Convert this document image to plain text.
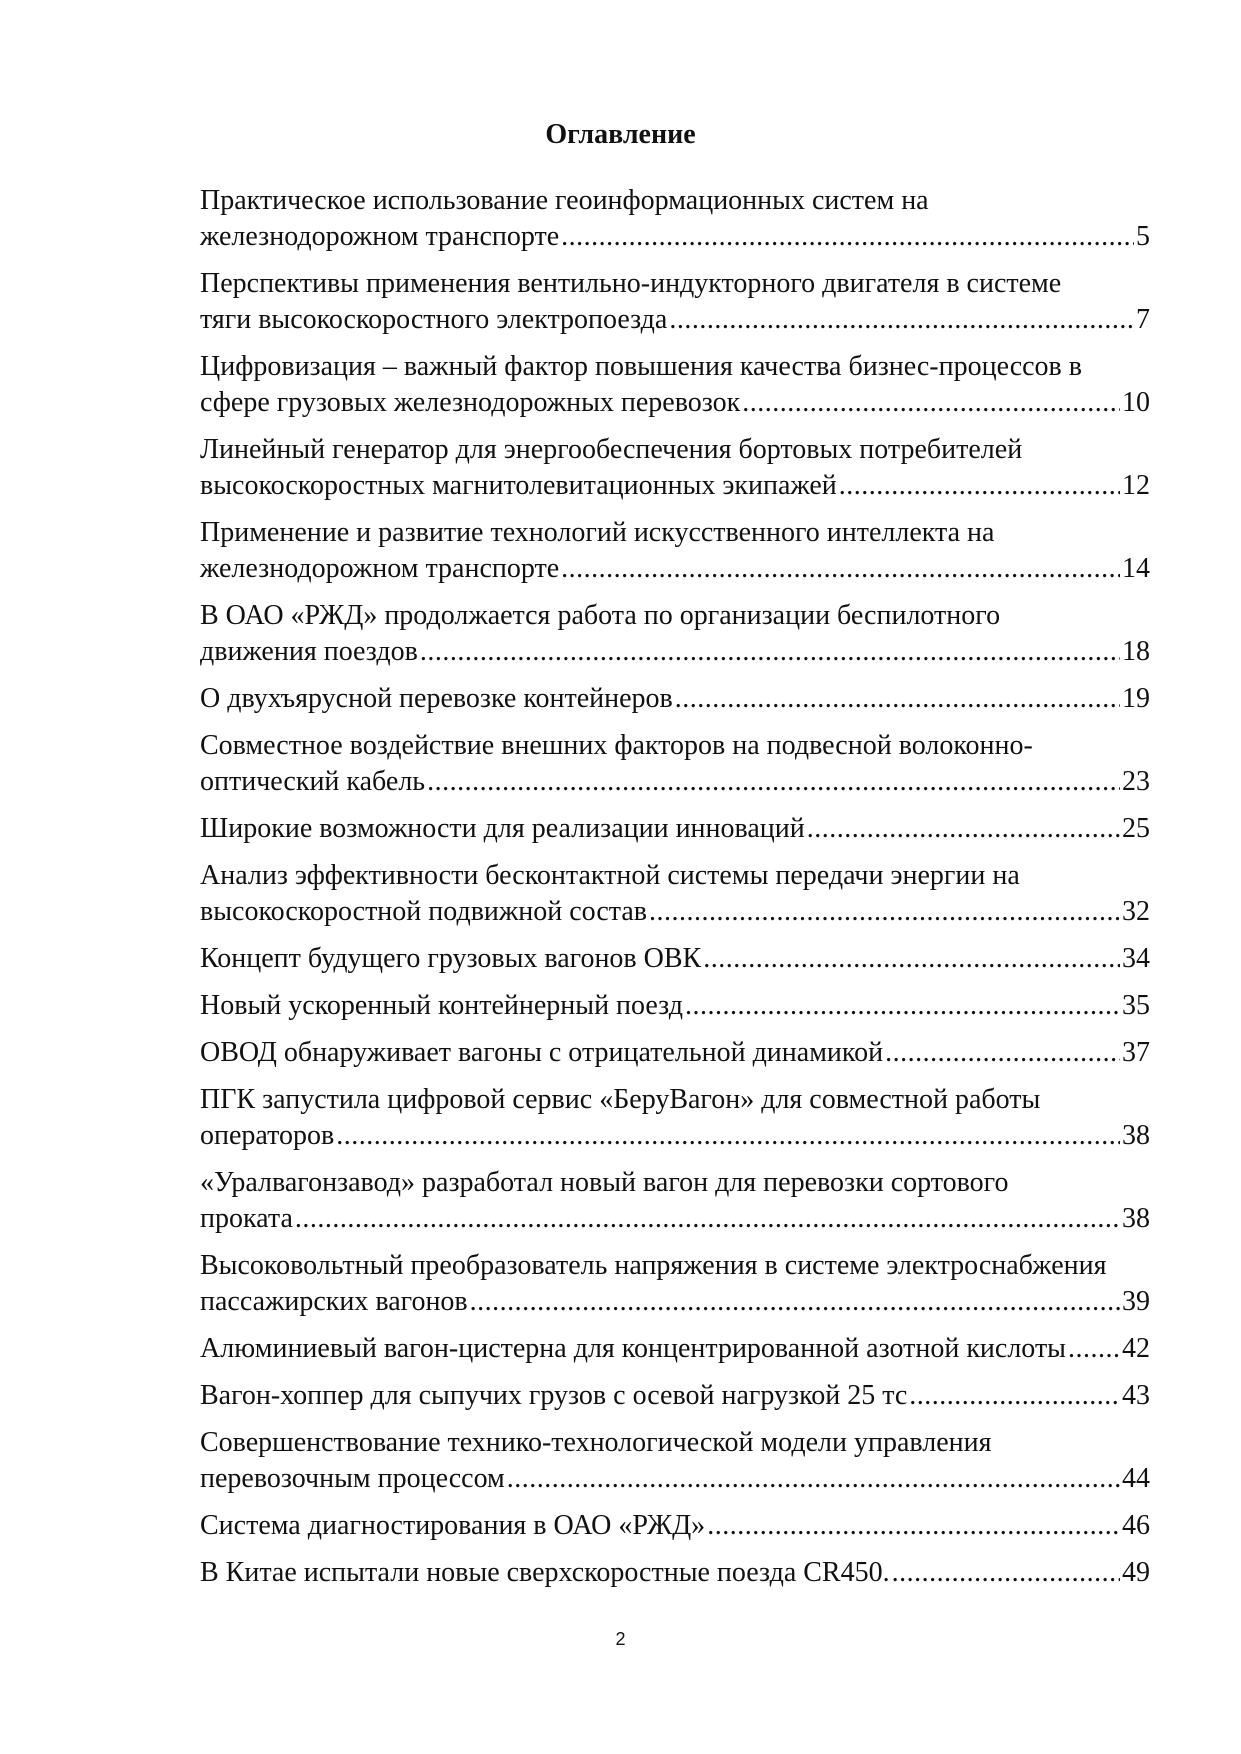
Оглавление
Практическое использование геоинформационных систем на
железнодорожном транспорте .....	5
Перспективы применения вентильно-индукторного двигателя в системе
тяги высокоскоростного электропоезда .....	7
Цифровизация – важный фактор повышения качества бизнес-процессов в
сфере грузовых железнодорожных перевозок .....	10
Линейный генератор для энергообеспечения бортовых потребителей
высокоскоростных магнитолевитационных экипажей .....	12
Применение и развитие технологий искусственного интеллекта на
железнодорожном транспорте .....	14
В ОАО «РЖД» продолжается работа по организации беспилотного
движения поездов .....	18
О двухъярусной перевозке контейнеров .....	19
Совместное воздействие внешних факторов на подвесной волоконно-
оптический кабель .....	23
Широкие возможности для реализации инноваций .....	25
Анализ эффективности бесконтактной системы передачи энергии на
высокоскоростной подвижной состав .....	32
Концепт будущего грузовых вагонов ОВК .....	34
Новый ускоренный контейнерный поезд .....	35
ОВОД обнаруживает вагоны с отрицательной динамикой .....	37
ПГК запустила цифровой сервис «БеруВагон» для совместной работы
операторов .....	38
«Уралвагонзавод» разработал новый вагон для перевозки сортового
проката .....	38
Высоковольтный преобразователь напряжения в системе электроснабжения
пассажирских вагонов .....	39
Алюминиевый вагон-цистерна для концентрированной азотной кислоты ..... 42
Вагон-хоппер для сыпучих грузов с осевой нагрузкой 25 тс .....	43
Совершенствование технико-технологической модели управления
перевозочным процессом .....	44
Система диагностирования в ОАО «РЖД» .....	46
В Китае испытали новые сверхскоростные поезда CR450. .....	49
2
